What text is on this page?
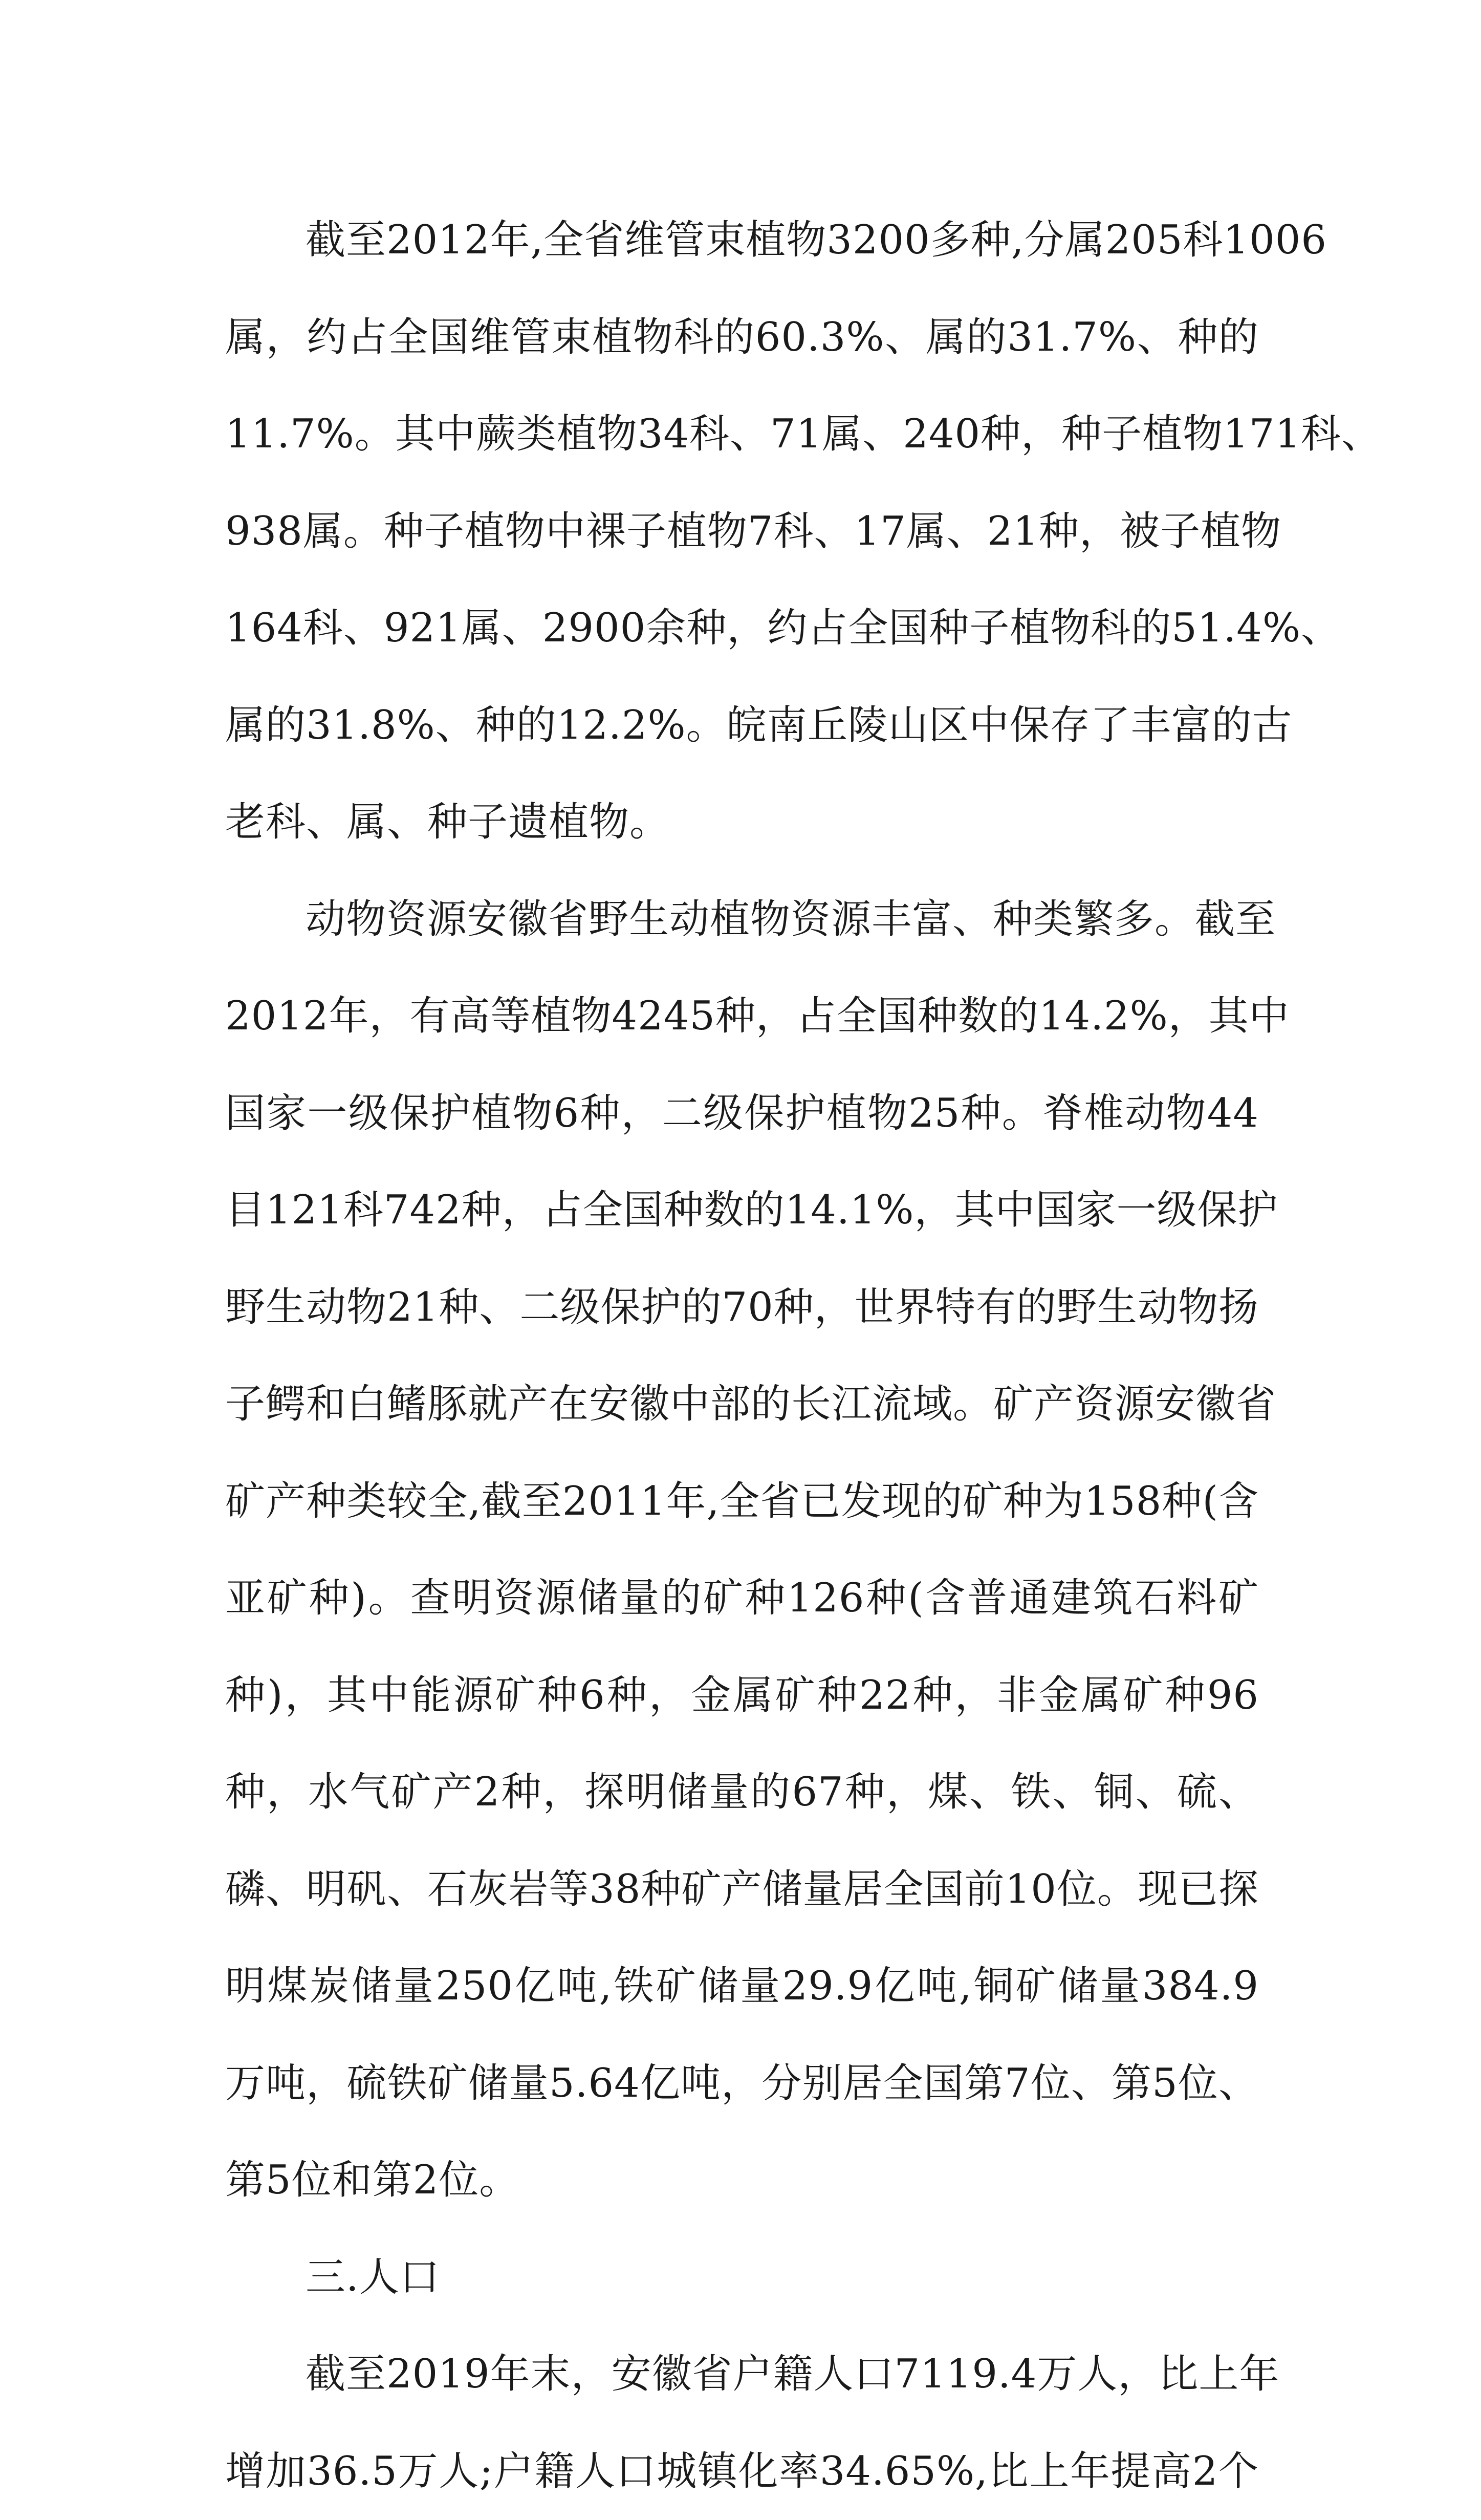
截至2012年,全省维管束植物3200多种,分属205科1006
属，约占全国维管束植物科的60.3%、属的31.7%、种的
11.7%。其中蕨类植物34科、71属、240种，种子植物171科、
938属。种子植物中裸子植物7科、17属、21种，被子植物
164科、921属、2900余种，约占全国种子植物科的51.4%、
属的31.8%、种的12.2%。皖南丘陵山区中保存了丰富的古
老科、属、种子遗植物。
动物资源安徽省野生动植物资源丰富、种类繁多。截至
2012年，有高等植物4245种，占全国种数的14.2%，其中
国家一级保护植物6种，二级保护植物25种。脊椎动物44
目121科742种，占全国种数的14.1%，其中国家一级保护
野生动物21种、二级保护的70种，世界特有的野生动物扬
子鳄和白鳍豚就产在安徽中部的长江流域。矿产资源安徽省
矿产种类较全,截至2011年,全省已发现的矿种为158种(含
亚矿种)。查明资源储量的矿种126种(含普通建筑石料矿
种)，其中能源矿种6种，金属矿种22种，非金属矿种96
种，水气矿产2种，探明储量的67种，煤、铁、铜、硫、
磷、明矾、石灰岩等38种矿产储量居全国前10位。现已探
明煤炭储量250亿吨,铁矿储量29.9亿吨,铜矿储量384.9
万吨，硫铁矿储量5.64亿吨，分别居全国第7位、第5位、
第5位和第2位。
三.人口
截至2019年末，安徽省户籍人口7119.4万人，比上年
增加36.5万人;户籍人口城镇化率34.65%,比上年提高2个
